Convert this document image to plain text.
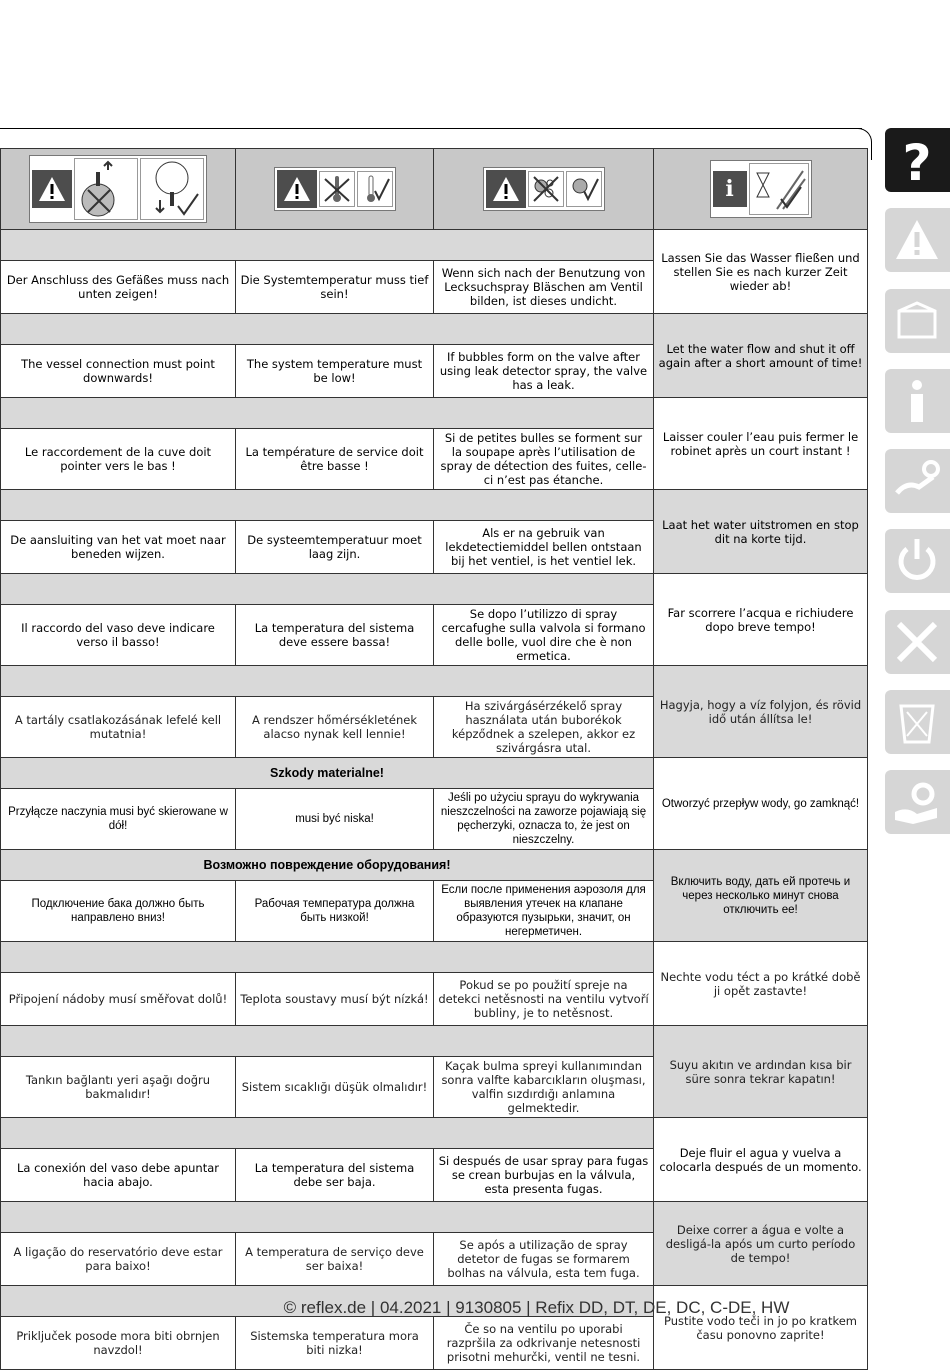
?

i

			Lassen Sie das Wasser fließen und stellen Sie es nach kurzer Zeit wieder ab!
Der Anschluss des Gefäßes muss nach unten zeigen!	Die Systemtemperatur muss tief sein!	Wenn sich nach der Benutzung von Lecksuchspray Bläschen am Ventil bilden, ist dieses undicht.	
			Let the water flow and shut it off again after a short amount of time!
The vessel connection must point downwards!	The system temperature must be low!	If bubbles form on the valve after using leak detector spray, the valve has a leak.	
			Laisser couler l’eau puis fermer le robinet après un court instant !
Le raccordement de la cuve doit pointer vers le bas !	La température de service doit être basse !	Si de petites bulles se forment sur la soupape après l’utilisation de spray de détection des fuites, celle-ci n’est pas étanche.	
			Laat het water uitstromen en stop dit na korte tijd.
De aansluiting van het vat moet naar beneden wijzen.	De systeemtemperatuur moet laag zijn.	Als er na gebruik van lekdetectiemiddel bellen ontstaan bij het ventiel, is het ventiel lek.	
			Far scorrere l’acqua e richiudere dopo breve tempo!
Il raccordo del vaso deve indicare verso il basso!	La temperatura del sistema deve essere bassa!	Se dopo l’utilizzo di spray cercafughe sulla valvola si formano delle bolle, vuol dire che è non ermetica.	
			Hagyja, hogy a víz folyjon, és rövid idő után állítsa le!
A tartály csatlakozásának lefelé kell mutatnia!	A rendszer hőmérsékletének alacso nynak kell lennie!	Ha szivárgásérzékelő spray használata után buborékok képződnek a szelepen, akkor ez szivárgásra utal.	
Szkody materialne!			Otworzyć przepływ wody, go zamknąć!
Przyłącze naczynia musi być skierowane w dół!	musi być niska!	Jeśli po użyciu sprayu do wykrywania nieszczelności na zaworze pojawiają się pęcherzyki, oznacza to, że jest on nieszczelny.	
Возможно повреждение оборудования!			Включить воду, дать ей протечь и через несколько минут снова отключить ее!
Подключение бака должно быть направлено вниз!	Рабочая температура должна быть низкой!	Если после применения аэрозоля для выявления утечек на клапане образуются пузырьки, значит, он негерметичен.	
			Nechte vodu téct a po krátké době ji opět zastavte!
Připojení nádoby musí směřovat dolů!	Teplota soustavy musí být nízká!	Pokud se po použití spreje na detekci netěsnosti na ventilu vytvoří bubliny, je to netěsnost.	
			Suyu akıtın ve ardından kısa bir süre sonra tekrar kapatın!
Tankın bağlantı yeri aşağı doğru bakmalıdır!	Sistem sıcaklığı düşük olmalıdır!	Kaçak bulma spreyi kullanımından sonra valfte kabarcıkların oluşması, valfin sızdırdığı anlamına gelmektedir.	
			Deje fluir el agua y vuelva a colocarla después de un momento.
La conexión del vaso debe apuntar hacia abajo.	La temperatura del sistema debe ser baja.	Si después de usar spray para fugas se crean burbujas en la válvula, esta presenta fugas.	
			Deixe correr a água e volte a desligá-la após um curto período de tempo!
A ligação do reservatório deve estar para baixo!	A temperatura de serviço deve ser baixa!	Se após a utilização de spray detetor de fugas se formarem bolhas na válvula, esta tem fuga.	
			Pustite vodo teči in jo po kratkem času ponovno zaprite!
Priključek posode mora biti obrnjen navzdol!	Sistemska temperatura mora biti nizka!	Če so na ventilu po uporabi razpršila za odkrivanje netesnosti prisotni mehurčki, ventil ne tesni.	
© reflex.de | 04.2021 | 9130805 | Refix DD, DT, DE, DC, C-DE, HW
